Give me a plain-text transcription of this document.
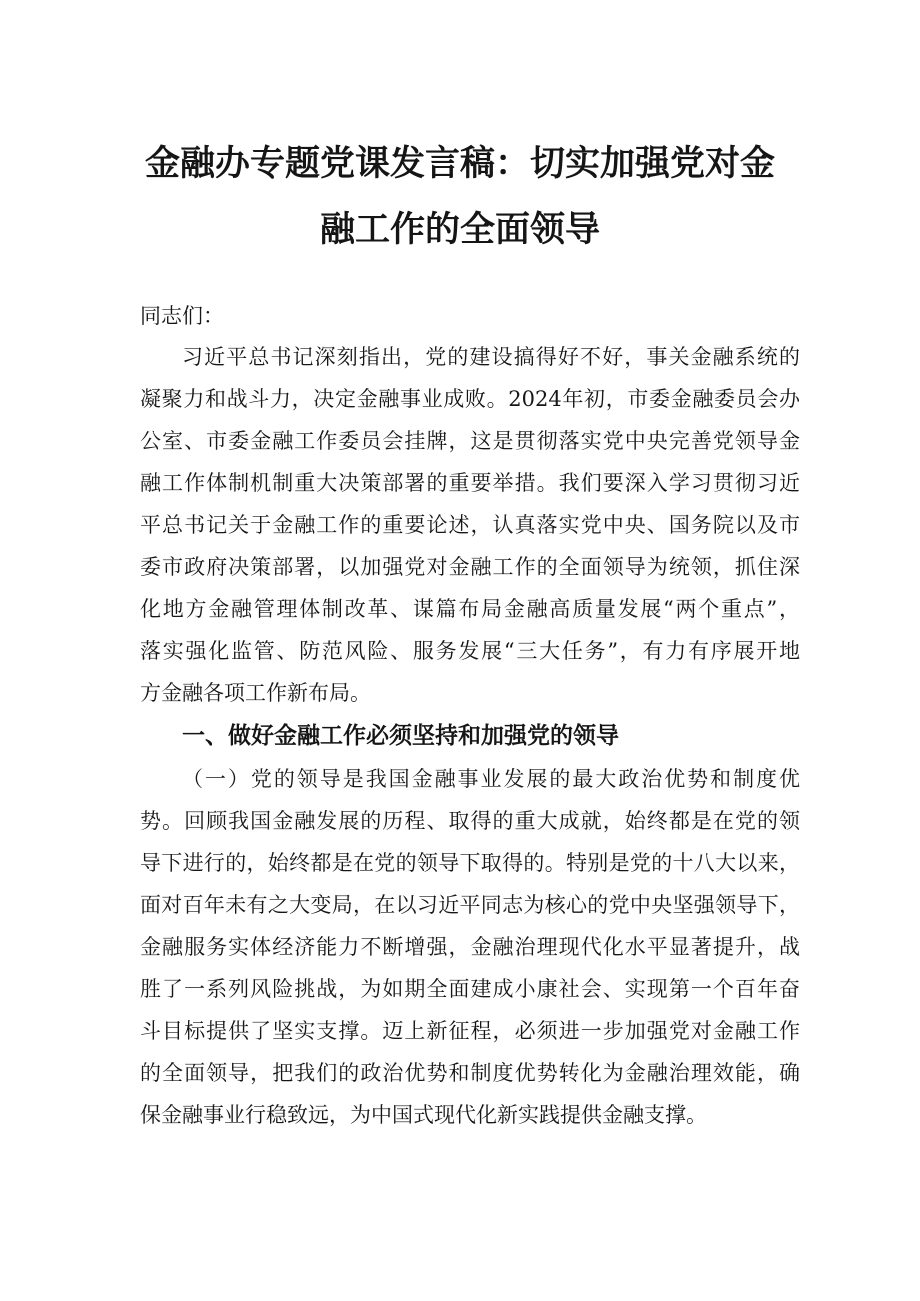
金融办专题党课发言稿：切实加强党对金
融工作的全面领导
同志们：
习近平总书记深刻指出，党的建设搞得好不好，事关金融系统的
凝聚力和战斗力，决定金融事业成败。2024年初，市委金融委员会办
公室、市委金融工作委员会挂牌，这是贯彻落实党中央完善党领导金
融工作体制机制重大决策部署的重要举措。我们要深入学习贯彻习近
平总书记关于金融工作的重要论述，认真落实党中央、国务院以及市
委市政府决策部署，以加强党对金融工作的全面领导为统领，抓住深
化地方金融管理体制改革、谋篇布局金融高质量发展“两个重点”，
落实强化监管、防范风险、服务发展“三大任务”，有力有序展开地
方金融各项工作新布局。
一、做好金融工作必须坚持和加强党的领导
（一）党的领导是我国金融事业发展的最大政治优势和制度优
势。回顾我国金融发展的历程、取得的重大成就，始终都是在党的领
导下进行的，始终都是在党的领导下取得的。特别是党的十八大以来，
面对百年未有之大变局，在以习近平同志为核心的党中央坚强领导下，
金融服务实体经济能力不断增强，金融治理现代化水平显著提升，战
胜了一系列风险挑战，为如期全面建成小康社会、实现第一个百年奋
斗目标提供了坚实支撑。迈上新征程，必须进一步加强党对金融工作
的全面领导，把我们的政治优势和制度优势转化为金融治理效能，确
保金融事业行稳致远，为中国式现代化新实践提供金融支撑。
